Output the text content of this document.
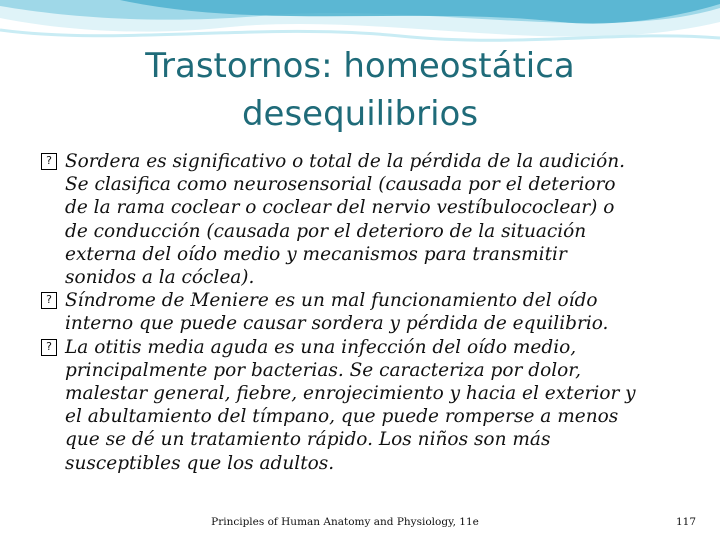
Trastornos: homeostática
desequilibrios
? Sordera es significativo o total de la pérdida de la audición.
Se clasifica como neurosensorial (causada por el deterioro
de la rama coclear o coclear del nervio vestíbulococlear) o
de conducción (causada por el deterioro de la situación
externa del oído medio y mecanismos para transmitir
sonidos a la cóclea).
? Síndrome de Meniere es un mal funcionamiento del oído
interno que puede causar sordera y pérdida de equilibrio.
? La otitis media aguda es una infección del oído medio,
principalmente por bacterias. Se caracteriza por dolor,
malestar general, fiebre, enrojecimiento y hacia el exterior y
el abultamiento del tímpano, que puede romperse a menos
que se dé un tratamiento rápido. Los niños son más
susceptibles que los adultos.
Principles of Human Anatomy and Physiology, 11e	117
